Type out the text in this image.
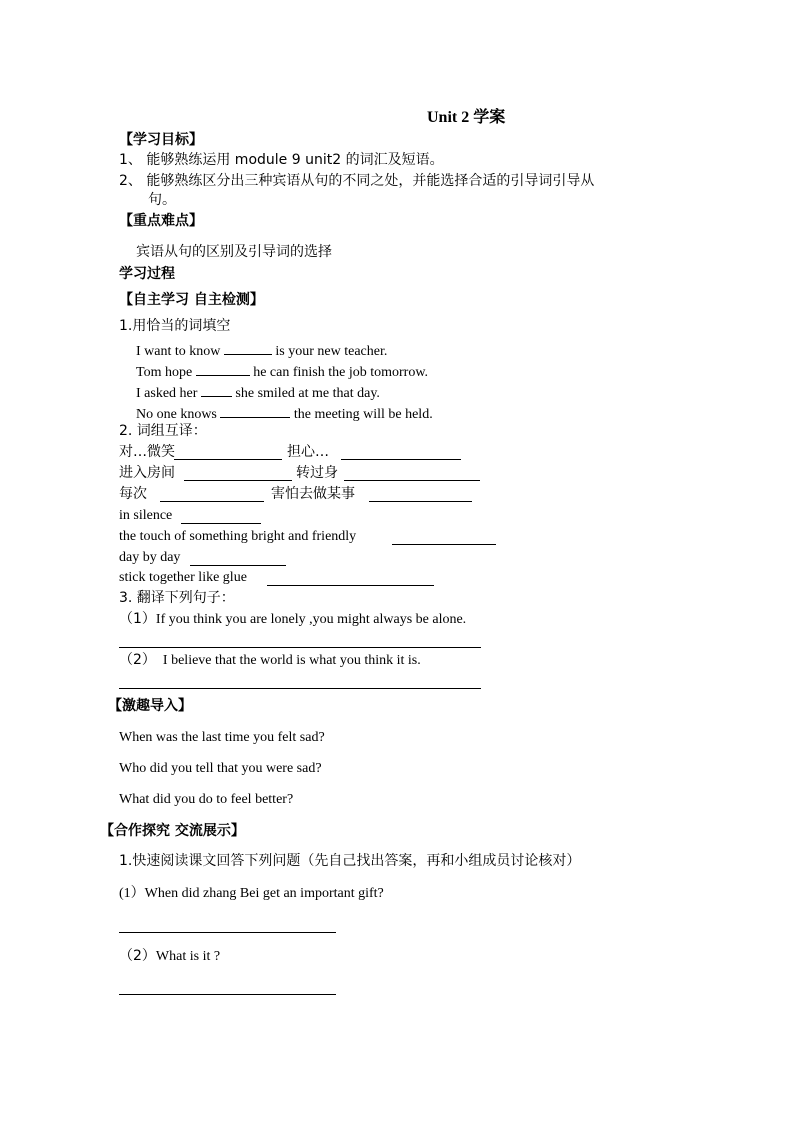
Unit 2 学案
【学习目标】
1、 能够熟练运用 module 9 unit2 的词汇及短语。
2、 能够熟练区分出三种宾语从句的不同之处，并能选择合适的引导词引导从
句。
【重点难点】
宾语从句的区别及引导词的选择
学习过程
【自主学习 自主检测】
1.用恰当的词填空
I want to know	is your new teacher.
Tom hope	he can finish the job tomorrow.
I asked her	she smiled at me that day.
No one knows	the meeting will be held.
2. 词组互译：
对…微笑	担心…
进入房间	转过身
每次	害怕去做某事
in silence
the touch of something bright and friendly
day by day
stick together like glue
3. 翻译下列句子：
（1）If you think you are lonely ,you might always be alone.
（2） I believe that the world is what you think it is.
【激趣导入】
When was the last time you felt sad?
Who did you tell that you were sad?
What did you do to feel better?
【合作探究 交流展示】
1.快速阅读课文回答下列问题（先自己找出答案，再和小组成员讨论核对）
(1）When did zhang Bei get an important gift?
（2）What is it ?
